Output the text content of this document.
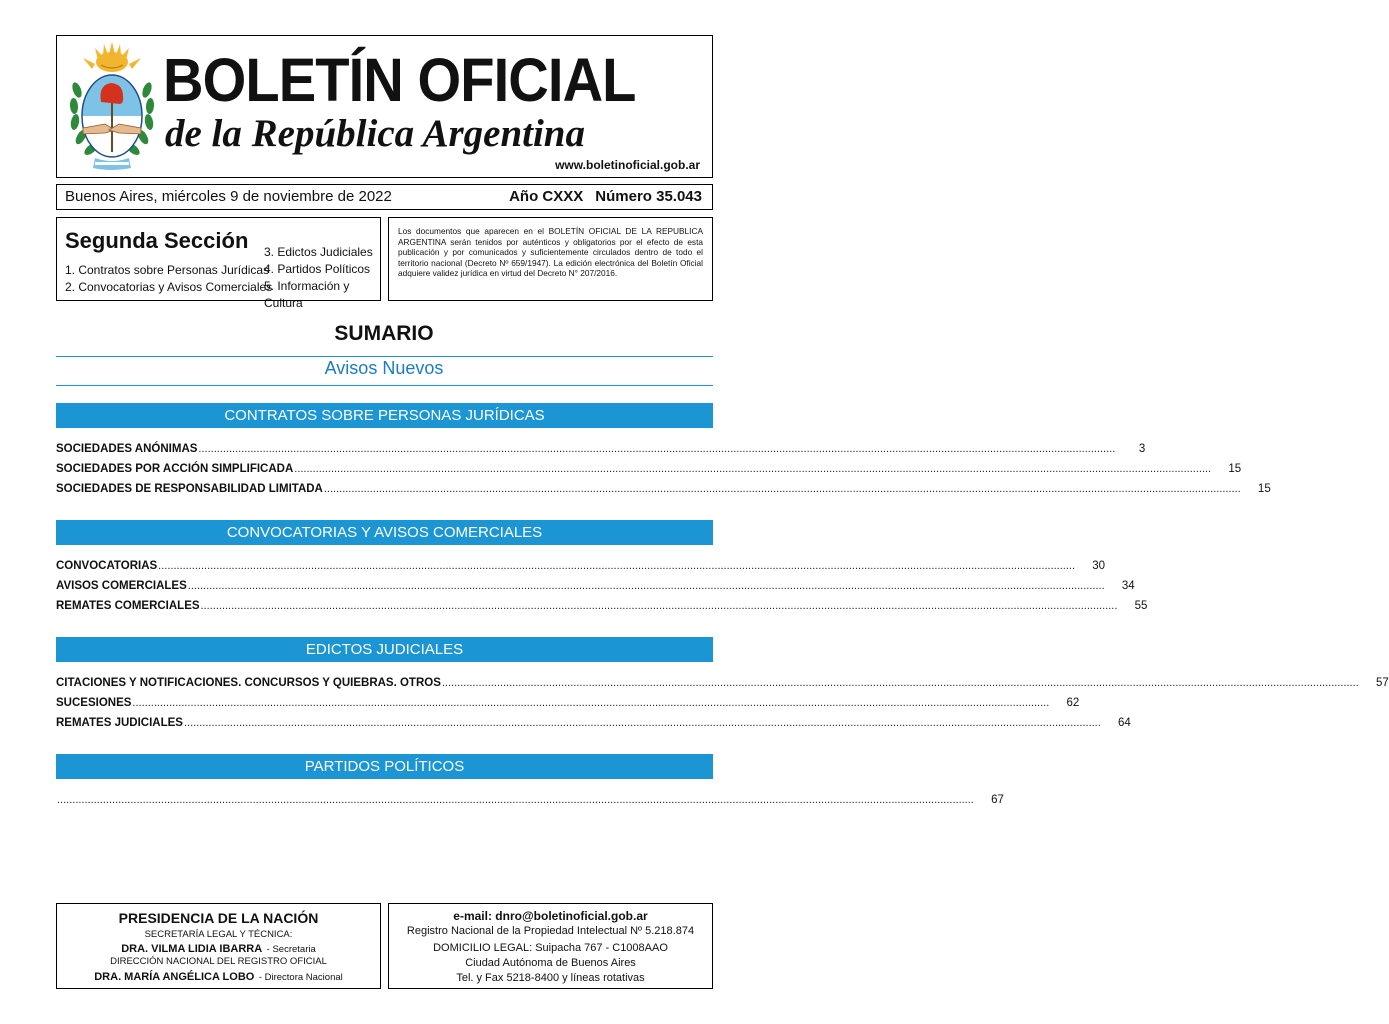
BOLETÍN OFICIAL
de la República Argentina
www.boletinoficial.gob.ar
Buenos Aires, miércoles 9 de noviembre de 2022	Año CXXX Número 35.043
Segunda Sección
1. Contratos sobre Personas Jurídicas
2. Convocatorias y Avisos Comerciales
3. Edictos Judiciales
4. Partidos Políticos
5. Información y Cultura
Los documentos que aparecen en el BOLETÍN OFICIAL DE LA REPUBLICA ARGENTINA serán tenidos por auténticos y obligatorios por el efecto de esta publicación y por comunicados y suficientemente circulados dentro de todo el territorio nacional (Decreto Nº 659/1947). La edición electrónica del Boletín Oficial adquiere validez jurídica en virtud del Decreto N° 207/2016.
SUMARIO
Avisos Nuevos
CONTRATOS SOBRE PERSONAS JURÍDICAS
SOCIEDADES ANÓNIMAS ............................................................................................................................................................................................................................................................................................................	3
SOCIEDADES POR ACCIÓN SIMPLIFICADA ............................................................................................................................................................................................................................................................................................................	15
SOCIEDADES DE RESPONSABILIDAD LIMITADA ............................................................................................................................................................................................................................................................................................................	15
CONVOCATORIAS Y AVISOS COMERCIALES
CONVOCATORIAS ............................................................................................................................................................................................................................................................................................................	30
AVISOS COMERCIALES ............................................................................................................................................................................................................................................................................................................	34
REMATES COMERCIALES ............................................................................................................................................................................................................................................................................................................	55
EDICTOS JUDICIALES
CITACIONES Y NOTIFICACIONES. CONCURSOS Y QUIEBRAS. OTROS ............................................................................................................................................................................................................................................................................................................	57
SUCESIONES ............................................................................................................................................................................................................................................................................................................	62
REMATES JUDICIALES ............................................................................................................................................................................................................................................................................................................	64
PARTIDOS POLÍTICOS
............................................................................................................................................................................................................................................................................................................	67
PRESIDENCIA DE LA NACIÓN
SECRETARÍA LEGAL Y TÉCNICA:
DRA. VILMA LIDIA IBARRA - Secretaria
DIRECCIÓN NACIONAL DEL REGISTRO OFICIAL
DRA. MARÍA ANGÉLICA LOBO - Directora Nacional
e-mail: dnro@boletinoficial.gob.ar
Registro Nacional de la Propiedad Intelectual Nº 5.218.874
DOMICILIO LEGAL: Suipacha 767 - C1008AAO
Ciudad Autónoma de Buenos Aires
Tel. y Fax 5218-8400 y líneas rotativas
